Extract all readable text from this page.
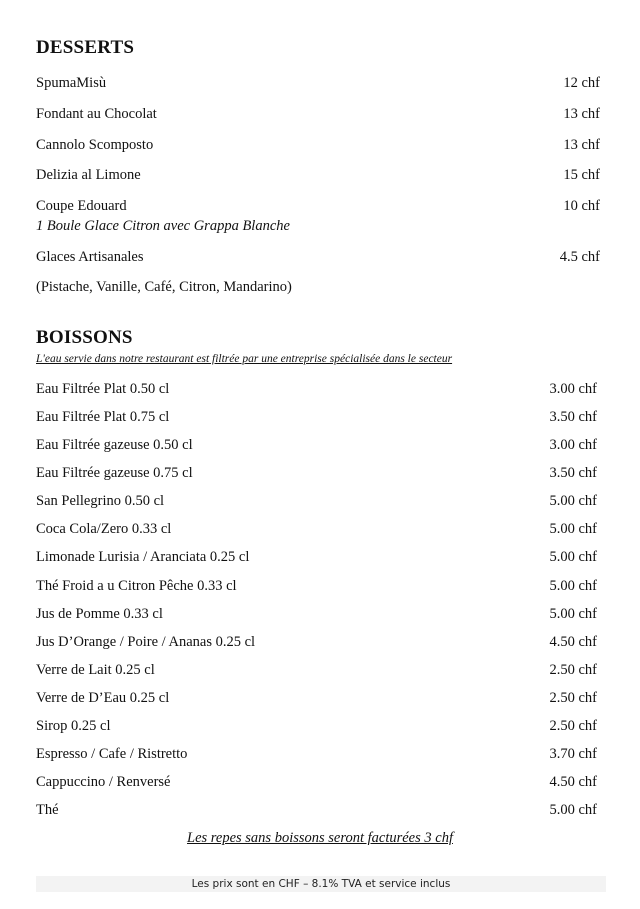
DESSERTS
SpumaMisù	12 chf
Fondant au Chocolat	13 chf
Cannolo Scomposto	13 chf
Delizia al Limone	15 chf
Coupe Edouard	10 chf
1 Boule Glace Citron avec Grappa Blanche
Glaces Artisanales	4.5 chf
(Pistache, Vanille, Café, Citron, Mandarino)
BOISSONS
L'eau servie dans notre restaurant est filtrée par une entreprise spécialisée dans le secteur
Eau Filtrée Plat 0.50 cl	3.00 chf
Eau Filtrée Plat 0.75 cl	3.50 chf
Eau Filtrée gazeuse 0.50 cl	3.00 chf
Eau Filtrée gazeuse 0.75 cl	3.50 chf
San Pellegrino 0.50 cl	5.00 chf
Coca Cola/Zero 0.33 cl	5.00 chf
Limonade Lurisia / Aranciata 0.25 cl	5.00 chf
Thé Froid a u Citron Pêche 0.33 cl	5.00 chf
Jus de Pomme 0.33 cl	5.00 chf
Jus D’Orange / Poire / Ananas 0.25 cl	4.50 chf
Verre de Lait 0.25 cl	2.50 chf
Verre de D’Eau 0.25 cl	2.50 chf
Sirop 0.25 cl	2.50 chf
Espresso / Cafe / Ristretto	3.70 chf
Cappuccino / Renversé	4.50 chf
Thé	5.00 chf
Les repes sans boissons seront facturées 3 chf
Les prix sont en CHF – 8.1% TVA et service inclus
